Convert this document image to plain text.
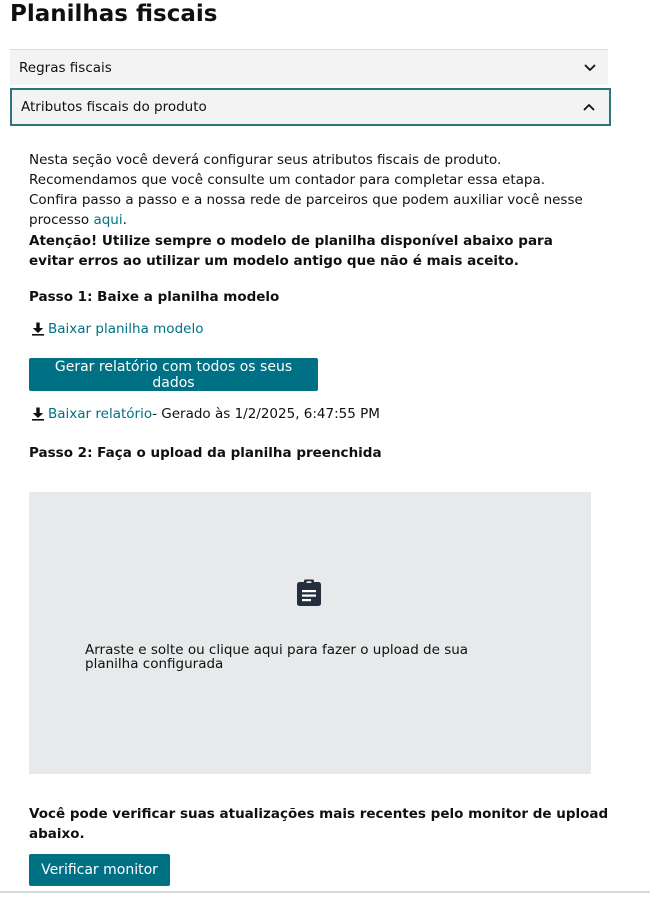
Planilhas fiscais
Regras fiscais
Atributos fiscais do produto
Nesta seção você deverá configurar seus atributos fiscais de produto. Recomendamos que você consulte um contador para completar essa etapa. Confira passo a passo e a nossa rede de parceiros que podem auxiliar você nesse processo aqui.
Atenção! Utilize sempre o modelo de planilha disponível abaixo para evitar erros ao utilizar um modelo antigo que não é mais aceito.
Passo 1: Baixe a planilha modelo
Baixar planilha modelo
Gerar relatório com todos os seus dados
Baixar relatório - Gerado às 1/2/2025, 6:47:55 PM
Passo 2: Faça o upload da planilha preenchida
Arraste e solte ou clique aqui para fazer o upload de sua planilha configurada
Você pode verificar suas atualizações mais recentes pelo monitor de upload abaixo.
Verificar monitor
